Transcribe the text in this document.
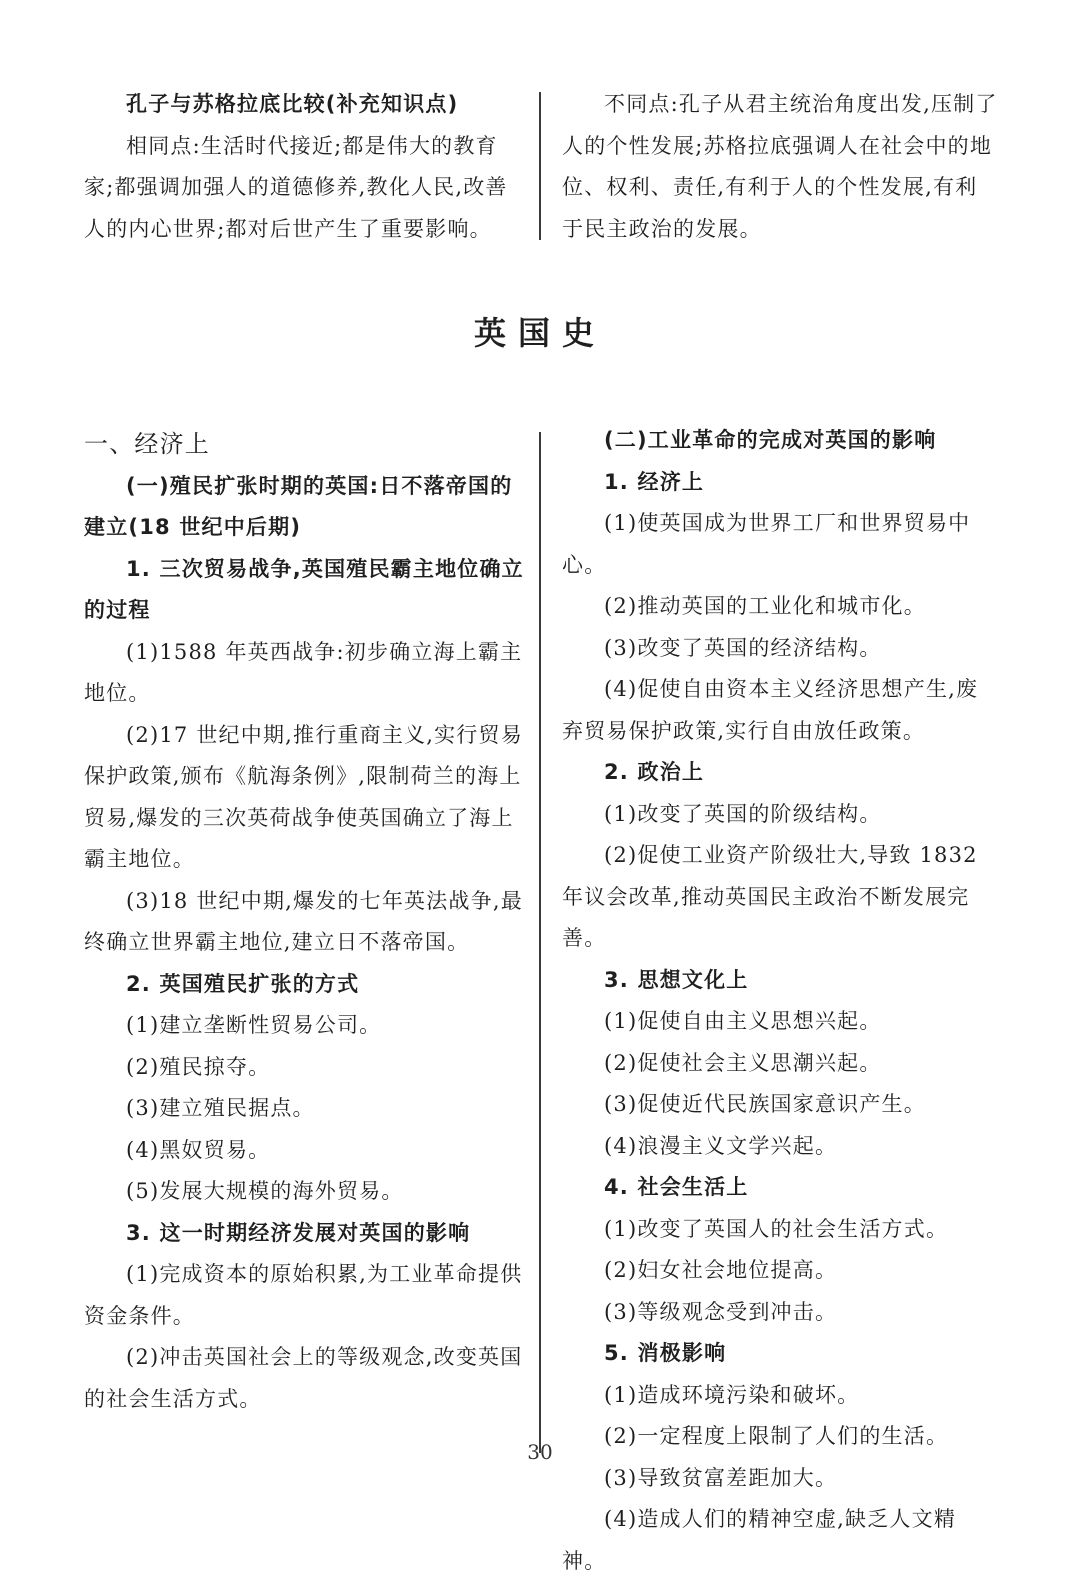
孔子与苏格拉底比较(补充知识点)

相同点:生活时代接近;都是伟大的教育家;都强调加强人的道德修养,教化人民,改善人的内心世界;都对后世产生了重要影响。

不同点:孔子从君主统治角度出发,压制了人的个性发展;苏格拉底强调人在社会中的地位、权利、责任,有利于人的个性发展,有利于民主政治的发展。

英国史

一、经济上

(一)殖民扩张时期的英国:日不落帝国的建立(18 世纪中后期)

1. 三次贸易战争,英国殖民霸主地位确立的过程

(1)1588 年英西战争:初步确立海上霸主地位。

(2)17 世纪中期,推行重商主义,实行贸易保护政策,颁布《航海条例》,限制荷兰的海上贸易,爆发的三次英荷战争使英国确立了海上霸主地位。

(3)18 世纪中期,爆发的七年英法战争,最终确立世界霸主地位,建立日不落帝国。

2. 英国殖民扩张的方式

(1)建立垄断性贸易公司。

(2)殖民掠夺。

(3)建立殖民据点。

(4)黑奴贸易。

(5)发展大规模的海外贸易。

3. 这一时期经济发展对英国的影响

(1)完成资本的原始积累,为工业革命提供资金条件。

(2)冲击英国社会上的等级观念,改变英国的社会生活方式。

(二)工业革命的完成对英国的影响

1. 经济上

(1)使英国成为世界工厂和世界贸易中心。

(2)推动英国的工业化和城市化。

(3)改变了英国的经济结构。

(4)促使自由资本主义经济思想产生,废弃贸易保护政策,实行自由放任政策。

2. 政治上

(1)改变了英国的阶级结构。

(2)促使工业资产阶级壮大,导致 1832 年议会改革,推动英国民主政治不断发展完善。

3. 思想文化上

(1)促使自由主义思想兴起。

(2)促使社会主义思潮兴起。

(3)促使近代民族国家意识产生。

(4)浪漫主义文学兴起。

4. 社会生活上

(1)改变了英国人的社会生活方式。

(2)妇女社会地位提高。

(3)等级观念受到冲击。

5. 消极影响

(1)造成环境污染和破坏。

(2)一定程度上限制了人们的生活。

(3)导致贫富差距加大。

(4)造成人们的精神空虚,缺乏人文精神。

30
